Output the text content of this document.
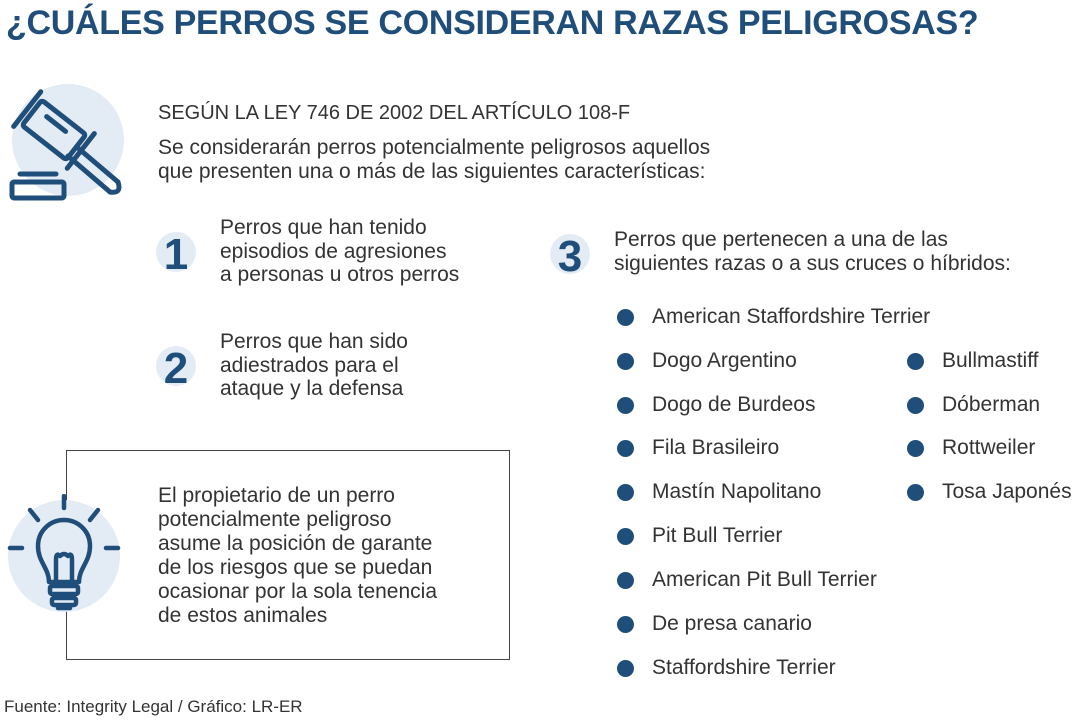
¿CUÁLES PERROS SE CONSIDERAN RAZAS PELIGROSAS?
SEGÚN LA LEY 746 DE 2002 DEL ARTÍCULO 108-F
Se considerarán perros potencialmente peligrosos aquellos
que presenten una o más de las siguientes características:
1
Perros que han tenido
episodios de agresiones
a personas u otros perros
2
Perros que han sido
adiestrados para el
ataque y la defensa
3	Perros que pertenecen a una de las
siguientes razas o a sus cruces o híbridos:
American Staffordshire Terrier
Dogo Argentino
Dogo de Burdeos
Fila Brasileiro
Mastín Napolitano
Pit Bull Terrier
American Pit Bull Terrier
De presa canario
Staffordshire Terrier
Bullmastiff
Dóberman
Rottweiler
Tosa Japonés
El propietario de un perro
potencialmente peligroso
asume la posición de garante
de los riesgos que se puedan
ocasionar por la sola tenencia
de estos animales
Fuente: Integrity Legal / Gráfico: LR-ER
